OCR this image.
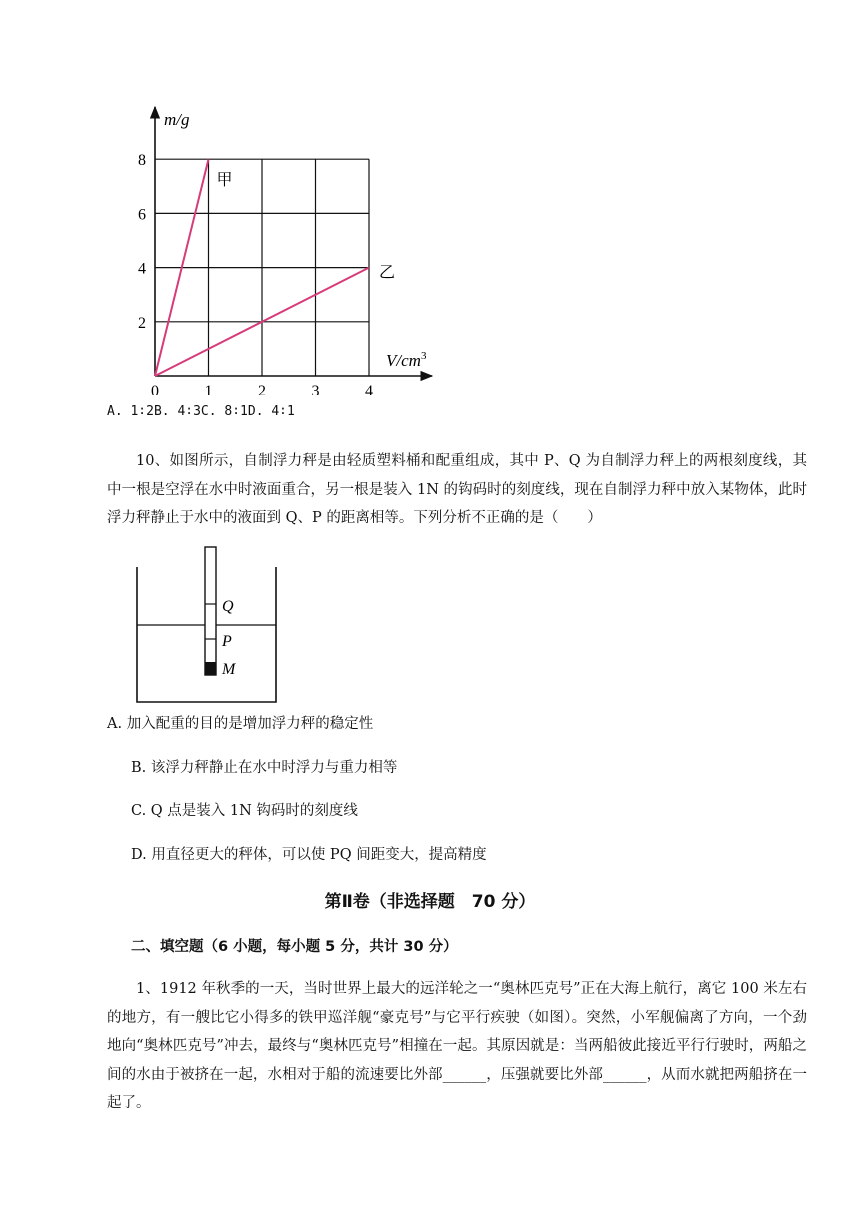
0	1	2	3	4
2
4
6
8
甲
乙
m/g
$V/cm^3$
A. 1∶2B. 4∶3C. 8∶1D. 4∶1
10、如图所示，自制浮力秤是由轻质塑料桶和配重组成，其中 P、Q 为自制浮力秤上的两根刻度线，其中一根是空浮在水中时液面重合，另一根是装入 1N 的钩码时的刻度线，现在自制浮力秤中放入某物体，此时浮力秤静止于水中的液面到 Q、P 的距离相等。下列分析不正确的是（　　）
Q
P
M
A. 加入配重的目的是增加浮力秤的稳定性
B. 该浮力秤静止在水中时浮力与重力相等
C. Q 点是装入 1N 钩码时的刻度线
D. 用直径更大的秤体，可以使 PQ 间距变大，提高精度
第Ⅱ卷（非选择题　70 分）
二、填空题（6 小题，每小题 5 分，共计 30 分）
1、1912 年秋季的一天，当时世界上最大的远洋轮之一“奥林匹克号”正在大海上航行，离它 100 米左右的地方，有一艘比它小得多的铁甲巡洋舰“豪克号”与它平行疾驶（如图）。突然，小军舰偏离了方向，一个劲地向“奥林匹克号”冲去，最终与“奥林匹克号”相撞在一起。其原因就是：当两船彼此接近平行行驶时，两船之间的水由于被挤在一起，水相对于船的流速要比外部______，压强就要比外部______，从而水就把两船挤在一起了。
